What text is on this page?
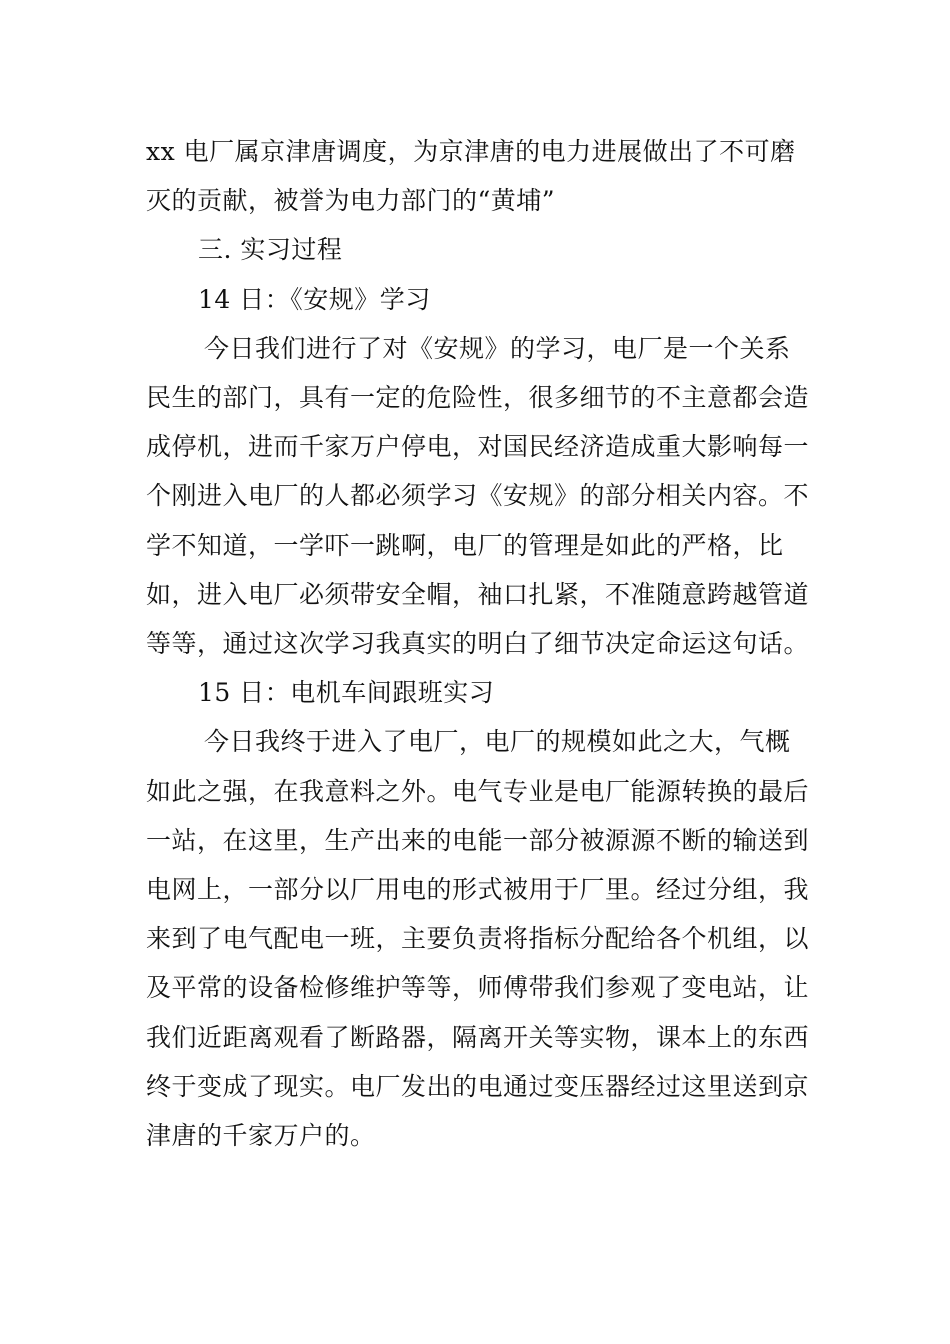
xx 电厂属京津唐调度，为京津唐的电力进展做出了不可磨灭的贡献，被誉为电力部门的“黄埔”

三. 实习过程

14 日：《安规》学习

今日我们进行了对《安规》的学习，电厂是一个关系民生的部门，具有一定的危险性，很多细节的不主意都会造成停机，进而千家万户停电，对国民经济造成重大影响每一个刚进入电厂的人都必须学习《安规》的部分相关内容。不学不知道，一学吓一跳啊，电厂的管理是如此的严格，比如，进入电厂必须带安全帽，袖口扎紧，不准随意跨越管道等等，通过这次学习我真实的明白了细节决定命运这句话。

15 日：电机车间跟班实习

今日我终于进入了电厂，电厂的规模如此之大，气概如此之强，在我意料之外。电气专业是电厂能源转换的最后一站，在这里，生产出来的电能一部分被源源不断的输送到电网上，一部分以厂用电的形式被用于厂里。经过分组，我来到了电气配电一班，主要负责将指标分配给各个机组，以及平常的设备检修维护等等，师傅带我们参观了变电站，让我们近距离观看了断路器，隔离开关等实物，课本上的东西终于变成了现实。电厂发出的电通过变压器经过这里送到京津唐的千家万户的。
